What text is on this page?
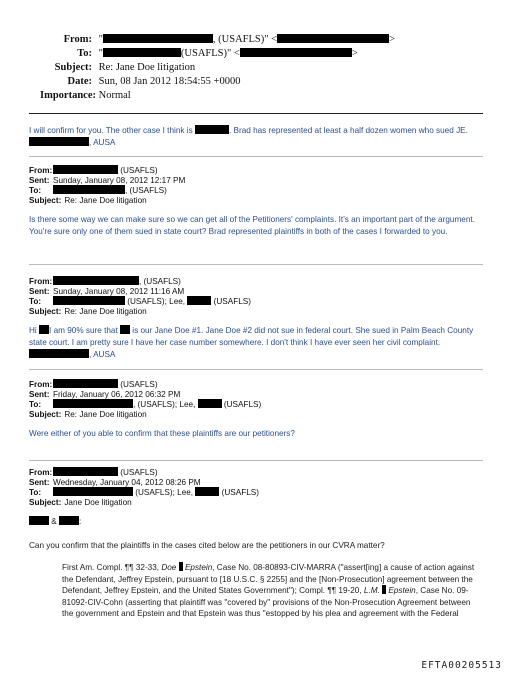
From: "	, (USAFLS)" <	>
To: "	(USAFLS)" <	>
Subject: Re: Jane Doe litigation
Date: Sun, 08 Jan 2012 18:54:55 +0000
Importance: Normal
I will confirm for you. The other case I think is	. Brad has represented at least a half dozen women who sued JE.
, AUSA
From:	(USAFLS)
Sent: Sunday, January 08, 2012 12:17 PM
To:	, (USAFLS)
Subject: Re: Jane Doe litigation
Is there some way we can make sure so we can get all of the Petitioners' complaints. It's an important part of the argument. You're sure only one of them sued in state court? Brad represented plaintiffs in both of the cases I forwarded to you.
From:	, (USAFLS)
Sent: Sunday, January 08, 2012 11:16 AM
To:	(USAFLS); Lee,	(USAFLS)
Subject: Re: Jane Doe litigation
Hi I am 90% sure that is our Jane Doe #1. Jane Doe #2 did not sue in federal court. She sued in Palm Beach County state court. I am pretty sure I have her case number somewhere. I don't think I have ever seen her civil complaint.
, AUSA
From:	(USAFLS)
Sent: Friday, January 06, 2012 06:32 PM
To:	, (USAFLS); Lee,	(USAFLS)
Subject: Re: Jane Doe litigation
Were either of you able to confirm that these plaintiffs are our petitioners?
From:	(USAFLS)
Sent: Wednesday, January 04, 2012 08:26 PM
To:	(USAFLS); Lee,	(USAFLS)
Subject: Jane Doe litigation
&	:
Can you confirm that the plaintiffs in the cases cited below are the petitioners in our CVRA matter?
First Am. Compl. ¶¶ 32-33, Doe Epstein, Case No. 08-80893-CIV-MARRA ("assert[ing] a cause of action against the Defendant, Jeffrey Epstein, pursuant to [18 U.S.C. § 2255] and the [Non-Prosecution] agreement between the Defendant, Jeffrey Epstein, and the United States Government"); Compl. ¶¶ 19-20, L.M. Epstein, Case No. 09-81092-CIV-Cohn (asserting that plaintiff was "covered by" provisions of the Non-Prosecution Agreement between the government and Epstein and that Epstein was thus "estopped by his plea and agreement with the Federal
EFTA00205513
